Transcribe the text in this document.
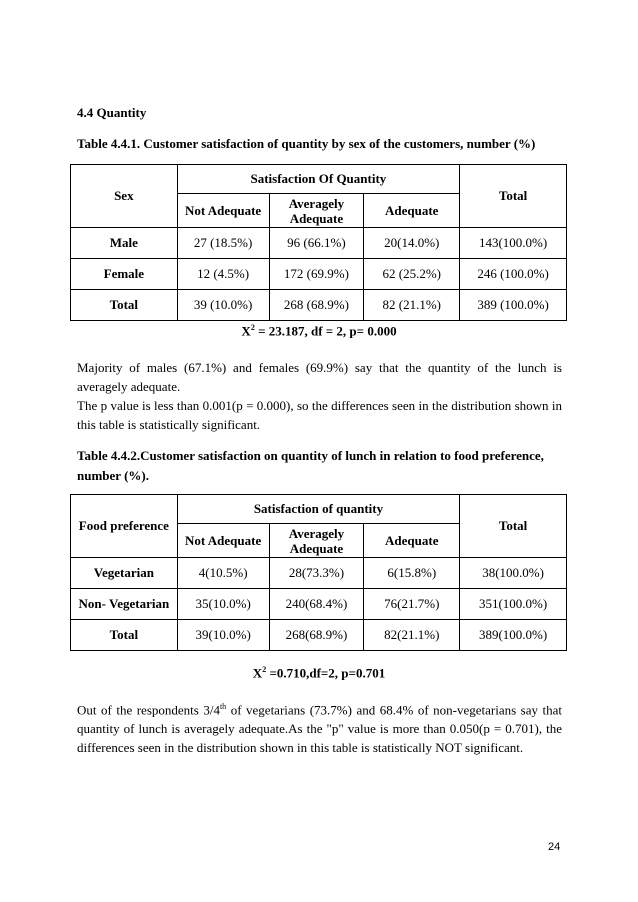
4.4 Quantity
Table 4.4.1. Customer satisfaction of quantity by sex of the customers, number (%)
Sex	Satisfaction Of Quantity			Total
	Not Adequate	Averagely Adequate	Adequate	
Male	27 (18.5%)	96 (66.1%)	20(14.0%)	143(100.0%)
Female	12 (4.5%)	172 (69.9%)	62 (25.2%)	246 (100.0%)
Total	39 (10.0%)	268 (68.9%)	82 (21.1%)	389 (100.0%)
$X^2 = 23.187$, df = 2, p= 0.000

Majority of males (67.1%) and females (69.9%) say that the quantity of the lunch is averagely adequate.

The p value is less than 0.001(p = 0.000), so the differences seen in the distribution shown in this table is statistically significant.

Table 4.4.2.Customer satisfaction on quantity of lunch in relation to food preference, number (%).
Food preference	Satisfaction of quantity			Total
	Not Adequate	Averagely Adequate	Adequate	
Vegetarian	4(10.5%)	28(73.3%)	6(15.8%)	38(100.0%)
Non- Vegetarian	35(10.0%)	240(68.4%)	76(21.7%)	351(100.0%)
Total	39(10.0%)	268(68.9%)	82(21.1%)	389(100.0%)
$X^2 =0.710,df=2$, p=0.701
Out of the respondents 3/4th of vegetarians (73.7%) and 68.4% of non-vegetarians say that quantity of lunch is averagely adequate.As the "p" value is more than 0.050(p = 0.701), the differences seen in the distribution shown in this table is statistically NOT significant.
24
